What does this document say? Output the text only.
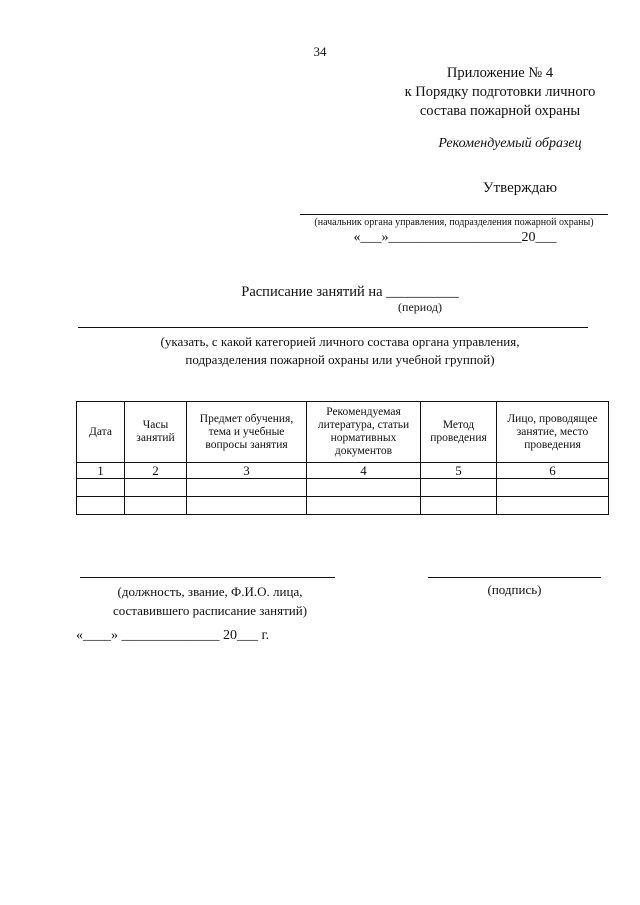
34
Приложение № 4
к Порядку подготовки личного
состава пожарной охраны
Рекомендуемый образец
Утверждаю
(начальник органа управления, подразделения пожарной охраны)
«___»___________________20___
Расписание занятий на __________
(период)
(указать, с какой категорией личного состава органа управления,
подразделения пожарной охраны или учебной группой)
Дата	Часы занятий	Предмет обучения, тема и учебные вопросы занятия	Рекомендуемая литература, статьи нормативных документов	Метод проведения	Лицо, проводящее занятие, место проведения
1	2	3	4	5	6

(должность, звание, Ф.И.О. лица,
составившего расписание занятий)
(подпись)
«____» ______________ 20___ г.
